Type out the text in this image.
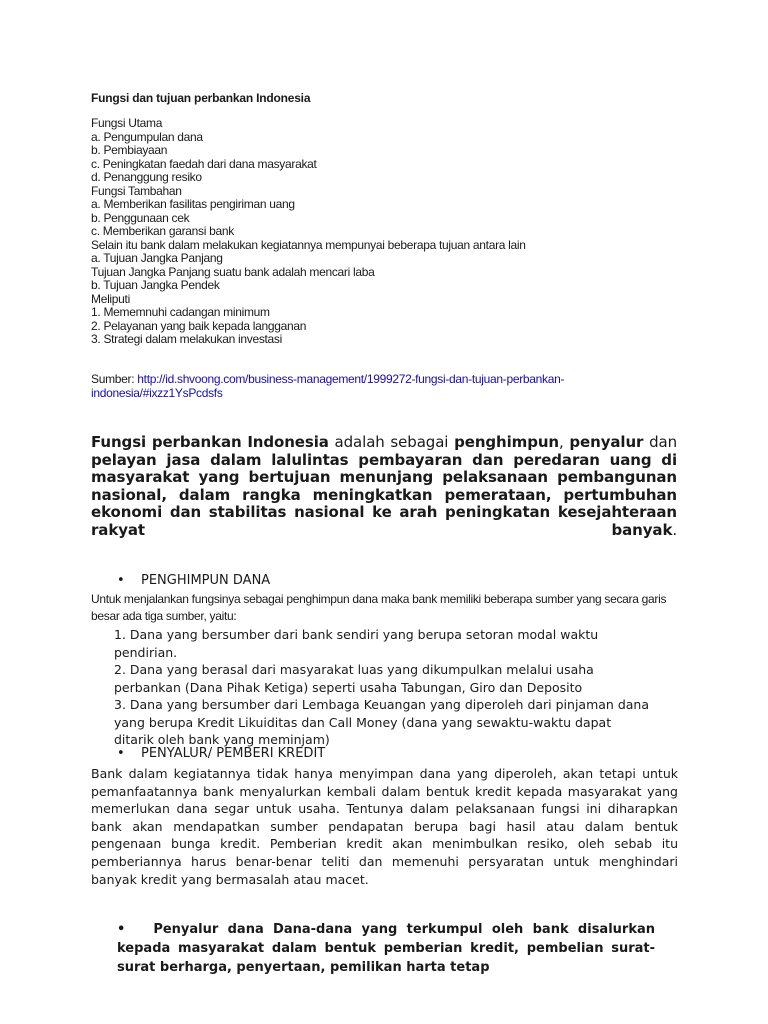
Fungsi dan tujuan perbankan Indonesia
Fungsi Utama
a. Pengumpulan dana
b. Pembiayaan
c. Peningkatan faedah dari dana masyarakat
d. Penanggung resiko
Fungsi Tambahan
a. Memberikan fasilitas pengiriman uang
b. Penggunaan cek
c. Memberikan garansi bank
Selain itu bank dalam melakukan kegiatannya mempunyai beberapa tujuan antara lain
a. Tujuan Jangka Panjang
Tujuan Jangka Panjang suatu bank adalah mencari laba
b. Tujuan Jangka Pendek
Meliputi
1. Mememnuhi cadangan minimum
2. Pelayanan yang baik kepada langganan
3. Strategi dalam melakukan investasi
Sumber: http://id.shvoong.com/business-management/1999272-fungsi-dan-tujuan-perbankan-indonesia/#ixzz1YsPcdsfs
Fungsi perbankan Indonesia adalah sebagai penghimpun, penyalur dan pelayan jasa dalam lalulintas pembayaran dan peredaran uang di masyarakat yang bertujuan menunjang pelaksanaan pembangunan nasional, dalam rangka meningkatkan pemerataan, pertumbuhan ekonomi dan stabilitas nasional ke arah peningkatan kesejahteraan rakyat banyak.
•	PENGHIMPUN DANA
Untuk menjalankan fungsinya sebagai penghimpun dana maka bank memiliki beberapa sumber yang secara garis besar ada tiga sumber, yaitu:
1. Dana yang bersumber dari bank sendiri yang berupa setoran modal waktu pendirian.
2. Dana yang berasal dari masyarakat luas yang dikumpulkan melalui usaha perbankan (Dana Pihak Ketiga) seperti usaha Tabungan, Giro dan Deposito
3. Dana yang bersumber dari Lembaga Keuangan yang diperoleh dari pinjaman dana yang berupa Kredit Likuiditas dan Call Money (dana yang sewaktu-waktu dapat ditarik oleh bank yang meminjam)
•	PENYALUR/ PEMBERI KREDIT
Bank dalam kegiatannya tidak hanya menyimpan dana yang diperoleh, akan tetapi untuk pemanfaatannya bank menyalurkan kembali dalam bentuk kredit kepada masyarakat yang memerlukan dana segar untuk usaha. Tentunya dalam pelaksanaan fungsi ini diharapkan bank akan mendapatkan sumber pendapatan berupa bagi hasil atau dalam bentuk pengenaan bunga kredit. Pemberian kredit akan menimbulkan resiko, oleh sebab itu pemberiannya harus benar-benar teliti dan memenuhi persyaratan untuk menghindari banyak kredit yang bermasalah atau macet.
• Penyalur dana Dana-dana yang terkumpul oleh bank disalurkan kepada masyarakat dalam bentuk pemberian kredit, pembelian surat-surat berharga, penyertaan, pemilikan harta tetap
